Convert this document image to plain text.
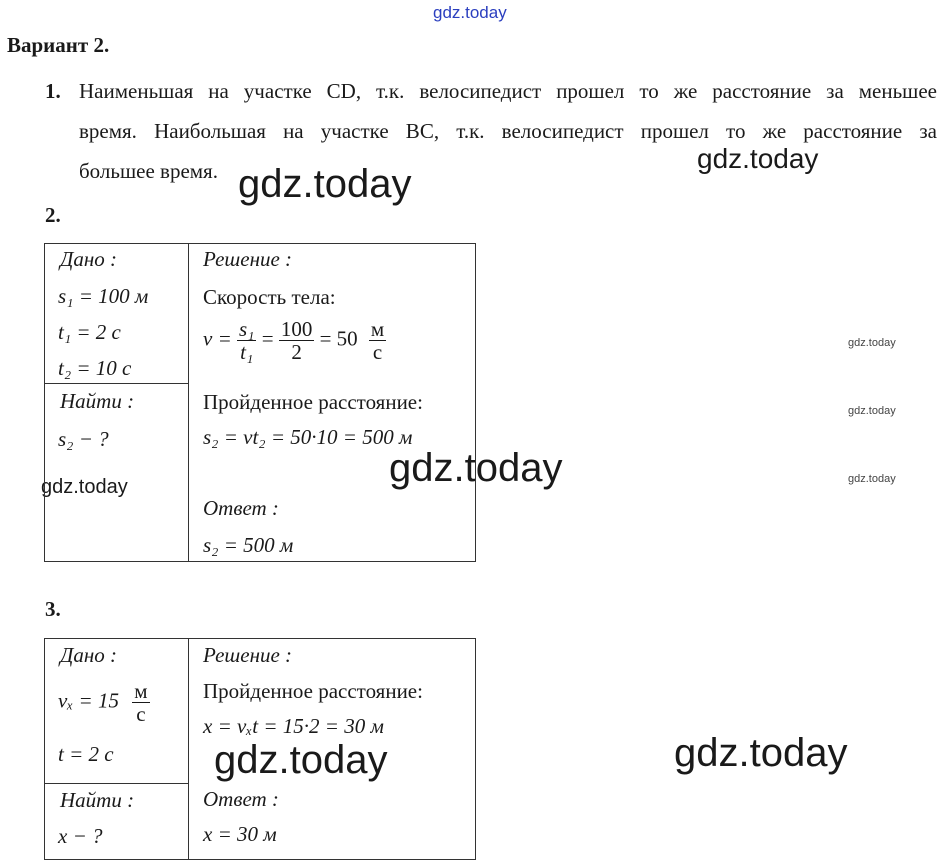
gdz.today
gdz.today
gdz.today
gdz.today
gdz.today
gdz.today
gdz.today
gdz.today
gdz.today	gdz.today
Вариант 2.
1. Наименьшая на участке CD, т.к. велосипедист прошел то же расстояние за меньшее
время. Наибольшая на участке BC, т.к. велосипедист прошел то же расстояние за
большее время.
2.
Дано :
s₁ = 100 м
t₁ = 2 с
t₂ = 10 с
Найти :
s₂ − ?
Решение :
Скорость тела:
$v = \frac{\text{s₁}}{\text{t₁}} = \frac{100}{2} = 50 \frac{м}{с}$
Пройденное расстояние:
s₂ = vt₂ = 50·10 = 500 м
Ответ :
s₂ = 500 м
3.
Дано :
$v_x = 15 \frac{м}{с}$
t = 2 с
Найти :
x − ?
Решение :
Пройденное расстояние:
x = vₓt = 15·2 = 30 м
Ответ :
x = 30 м
